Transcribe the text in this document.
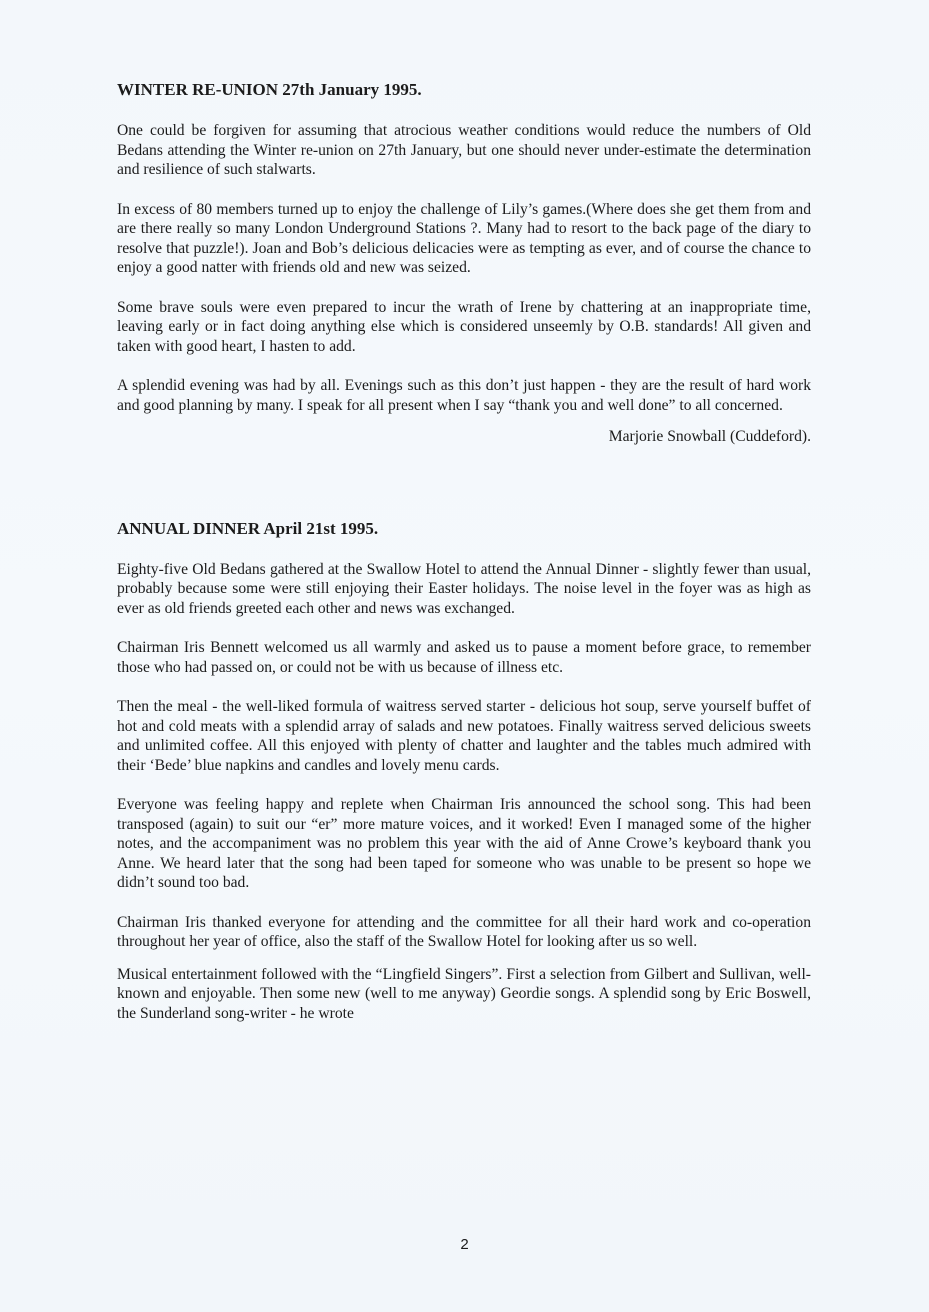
WINTER RE-UNION 27th January 1995.

One could be forgiven for assuming that atrocious weather conditions would reduce the numbers of Old Bedans attending the Winter re-union on 27th January, but one should never under-estimate the determination and resilience of such stalwarts.

In excess of 80 members turned up to enjoy the challenge of Lily’s games.(Where does she get them from and are there really so many London Underground Stations ?. Many had to resort to the back page of the diary to resolve that puzzle!). Joan and Bob’s delicious delicacies were as tempting as ever, and of course the chance to enjoy a good natter with friends old and new was seized.

Some brave souls were even prepared to incur the wrath of Irene by chattering at an inappropriate time, leaving early or in fact doing anything else which is considered unseemly by O.B. standards! All given and taken with good heart, I hasten to add.

A splendid evening was had by all. Evenings such as this don’t just happen - they are the result of hard work and good planning by many. I speak for all present when I say “thank you and well done” to all concerned.

Marjorie Snowball (Cuddeford).
ANNUAL DINNER April 21st 1995.

Eighty-five Old Bedans gathered at the Swallow Hotel to attend the Annual Dinner - slightly fewer than usual, probably because some were still enjoying their Easter holidays. The noise level in the foyer was as high as ever as old friends greeted each other and news was exchanged.

Chairman Iris Bennett welcomed us all warmly and asked us to pause a moment before grace, to remember those who had passed on, or could not be with us because of illness etc.

Then the meal - the well-liked formula of waitress served starter - delicious hot soup, serve yourself buffet of hot and cold meats with a splendid array of salads and new potatoes. Finally waitress served delicious sweets and unlimited coffee. All this enjoyed with plenty of chatter and laughter and the tables much admired with their ‘Bede’ blue napkins and candles and lovely menu cards.

Everyone was feeling happy and replete when Chairman Iris announced the school song. This had been transposed (again) to suit our “er” more mature voices, and it worked! Even I managed some of the higher notes, and the accompaniment was no problem this year with the aid of Anne Crowe’s keyboard thank you Anne. We heard later that the song had been taped for someone who was unable to be present so hope we didn’t sound too bad.

Chairman Iris thanked everyone for attending and the committee for all their hard work and co-operation throughout her year of office, also the staff of the Swallow Hotel for looking after us so well.

Musical entertainment followed with the “Lingfield Singers”. First a selection from Gilbert and Sullivan, well-known and enjoyable. Then some new (well to me anyway) Geordie songs. A splendid song by Eric Boswell, the Sunderland song-writer - he wrote

2
